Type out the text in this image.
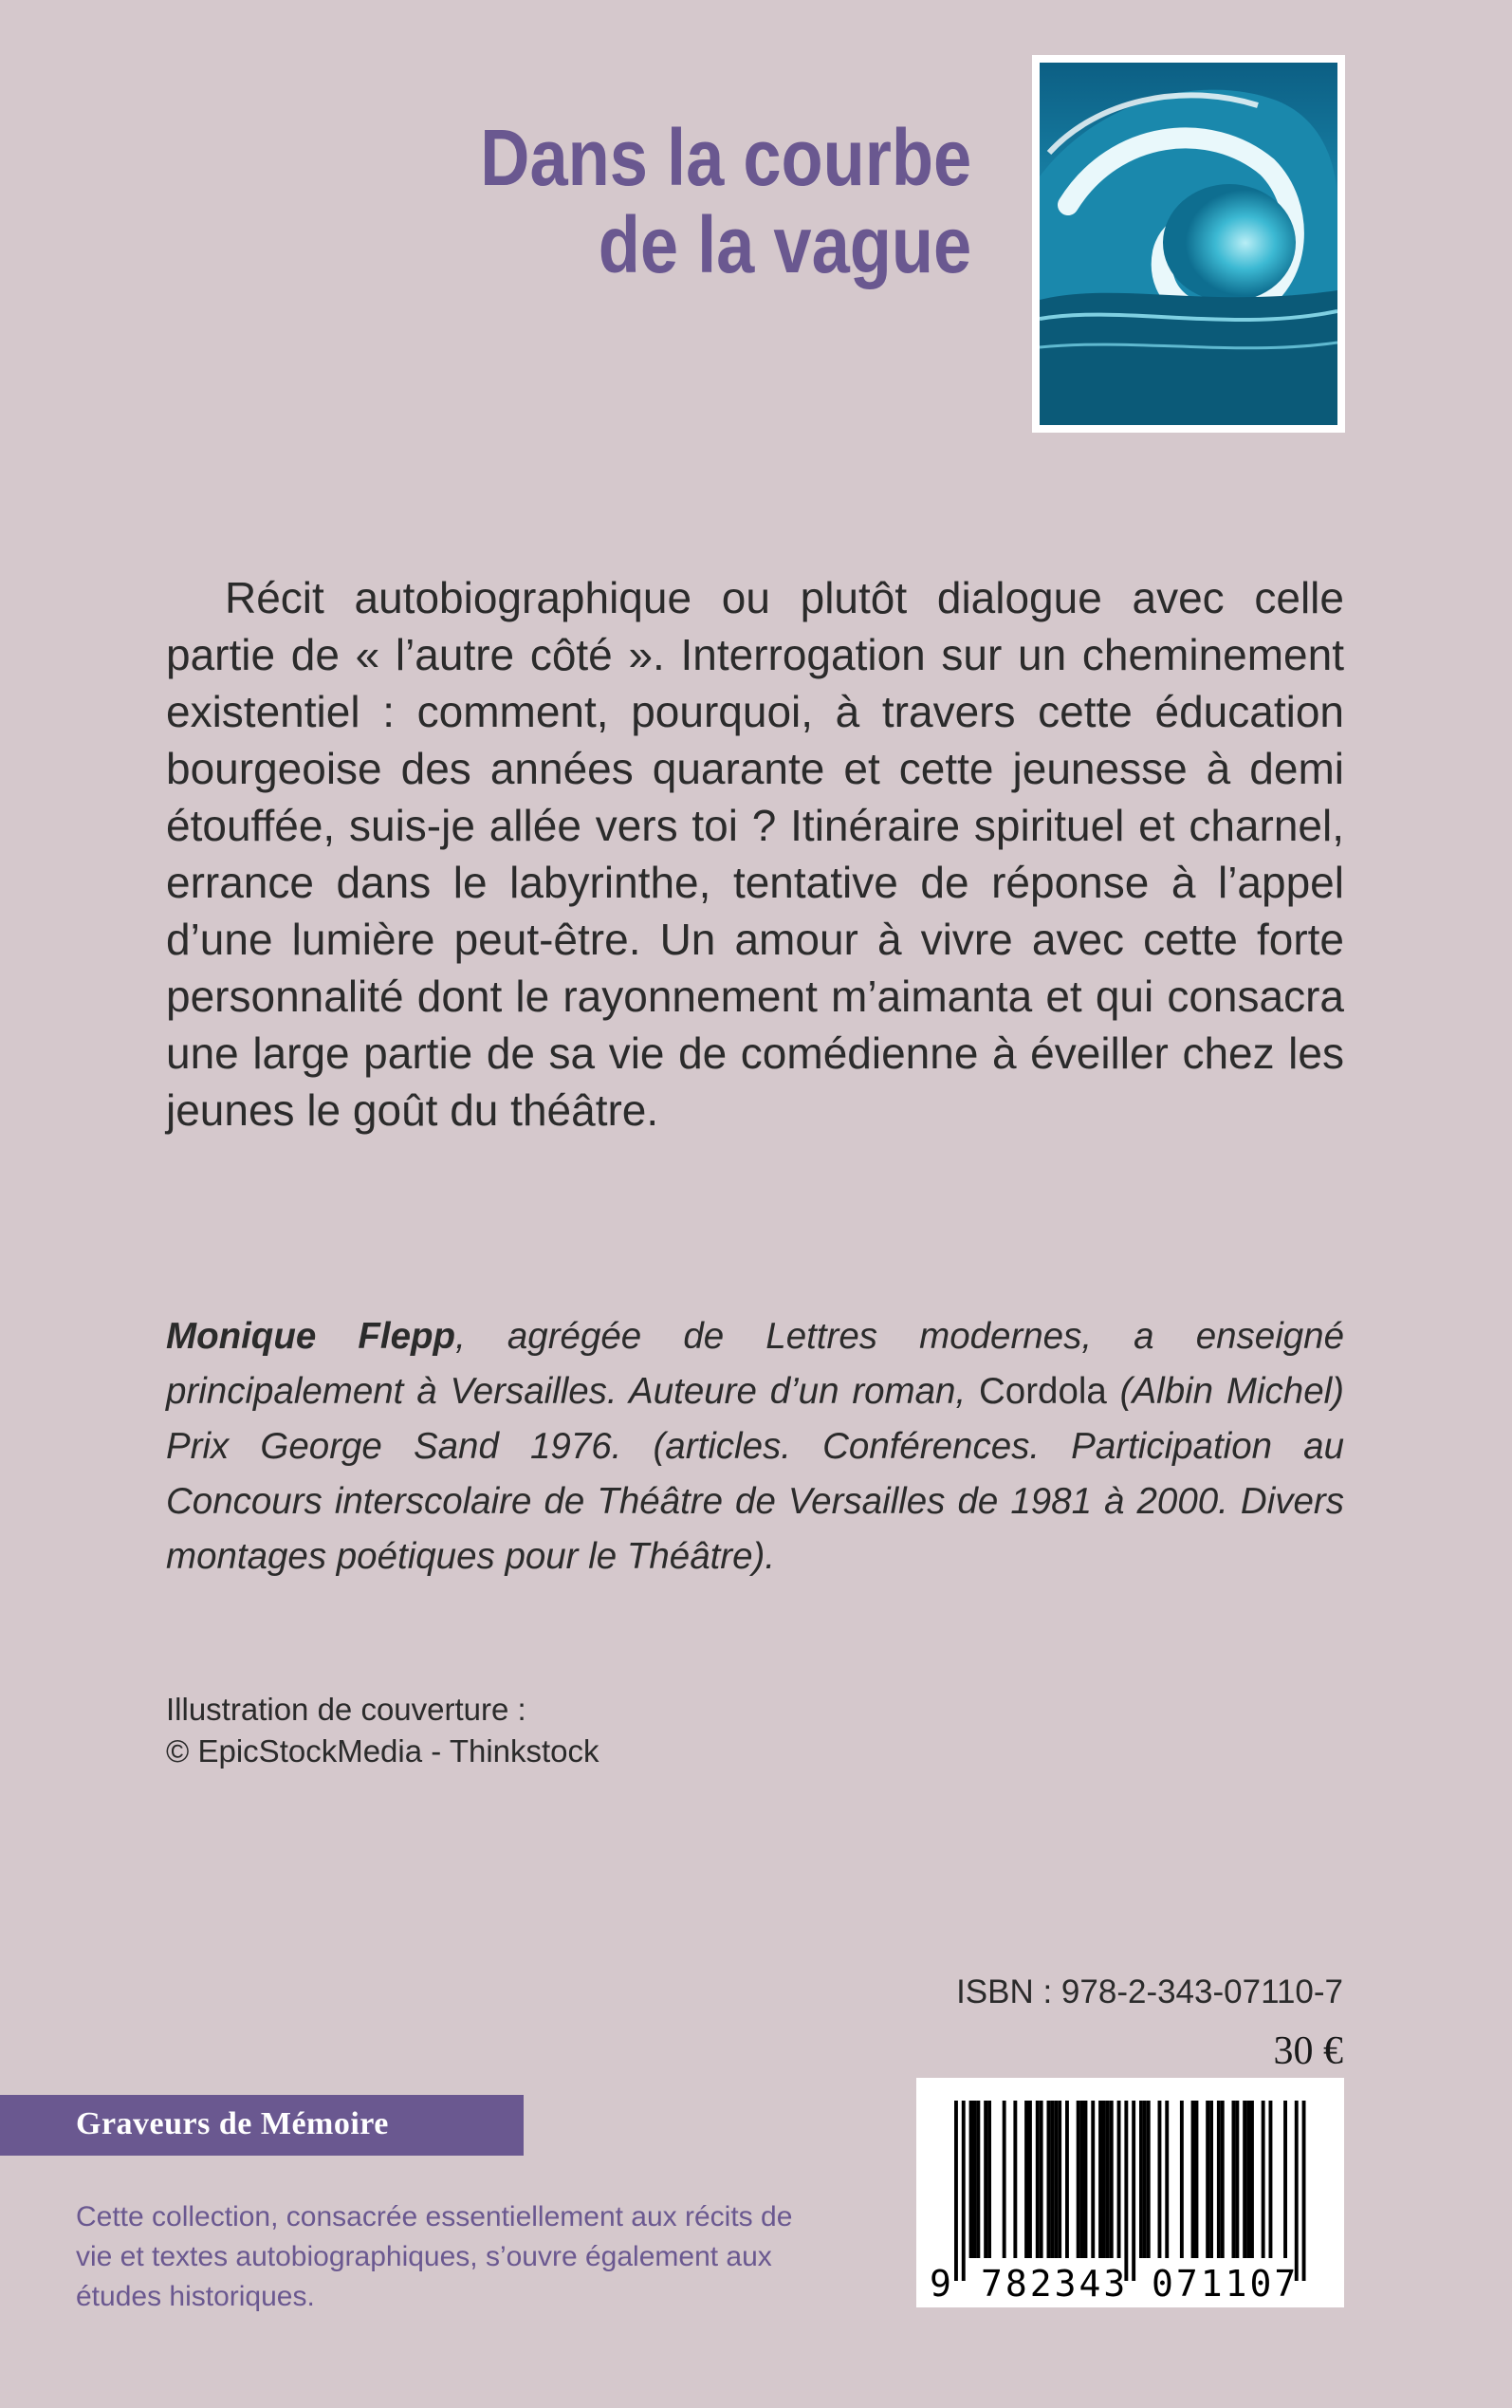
Dans la courbe
de la vague

Récit autobiographique ou plutôt dialogue avec celle partie de « l’autre côté ». Interrogation sur un cheminement existentiel : comment, pourquoi, à travers cette éducation bourgeoise des années quarante et cette jeunesse à demi étouffée, suis-je allée vers toi ? Itinéraire spirituel et charnel, errance dans le labyrinthe, tentative de réponse à l’appel d’une lumière peut-être. Un amour à vivre avec cette forte personnalité dont le rayonnement m’aimanta et qui consacra une large partie de sa vie de comédienne à éveiller chez les jeunes le goût du théâtre.

Monique Flepp, agrégée de Lettres modernes, a enseigné principalement à Versailles. Auteure d’un roman, Cordola (Albin Michel) Prix George Sand 1976. (articles. Conférences. Participation au Concours interscolaire de Théâtre de Versailles de 1981 à 2000. Divers montages poétiques pour le Théâtre).

Illustration de couverture :
© EpicStockMedia - Thinkstock
ISBN : 978-2-343-07110-7
30 €
Graveurs de Mémoire

Cette collection, consacrée essentiellement aux récits de vie et textes autobiographiques, s’ouvre également aux études historiques.	9 782343 071107
